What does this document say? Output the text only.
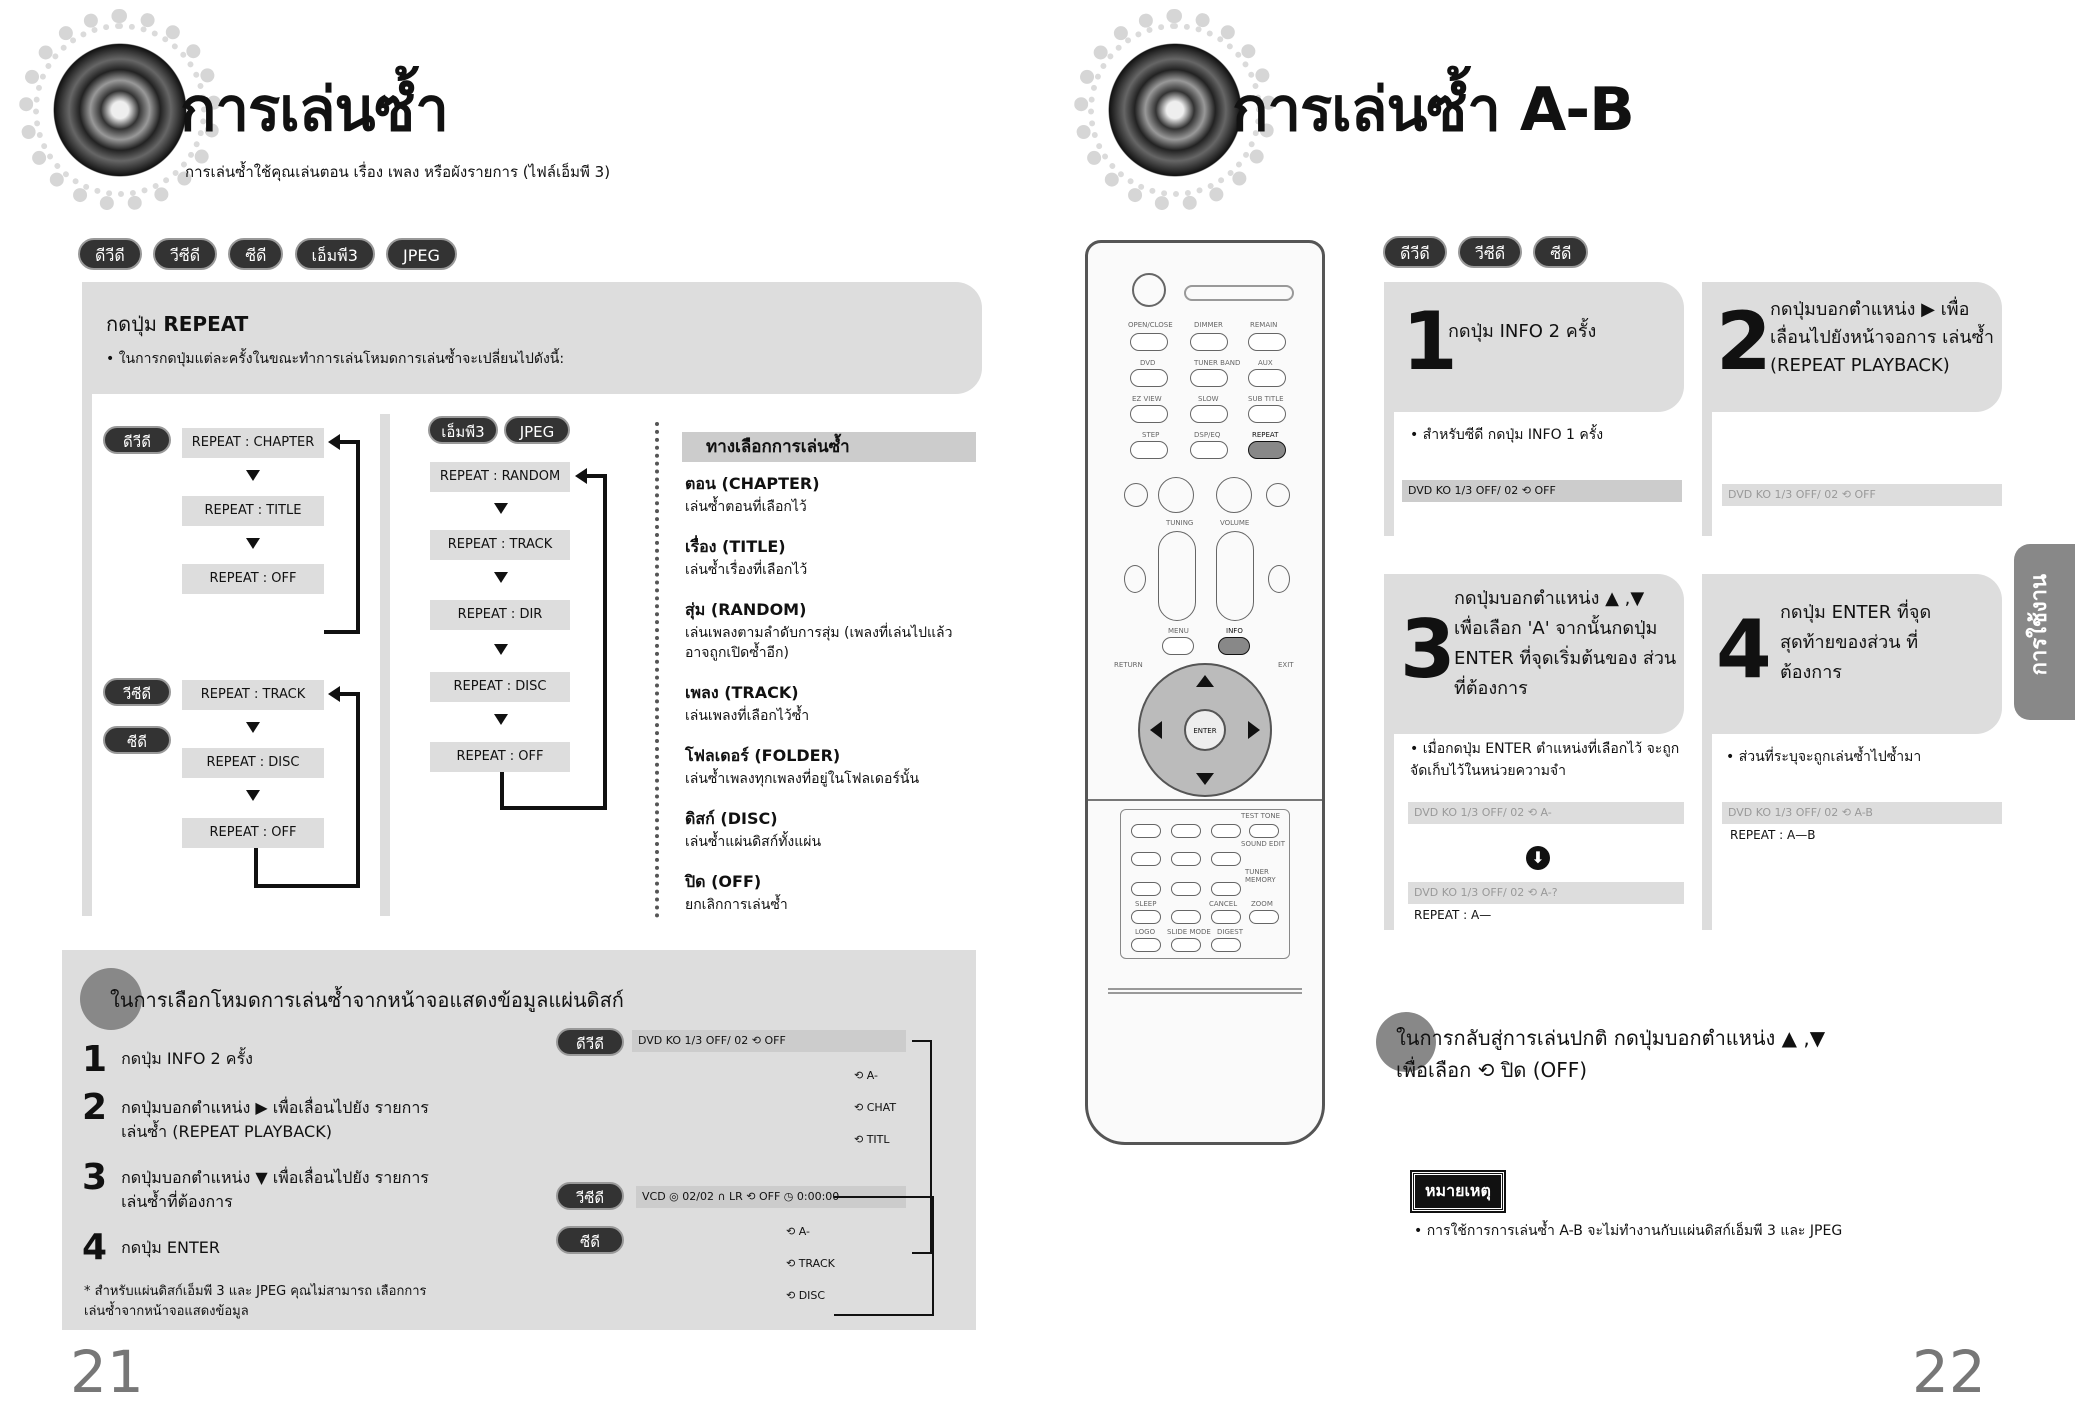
การเล่นซ้ำ
การเล่นซ้ำใช้คุณเล่นตอน เรื่อง เพลง หรือผังรายการ (ไฟล์เอ็มพี 3)
ดีวีดี	วีซีดี	ซีดี	เอ็มพี3	JPEG
กดปุ่ม REPEAT
• ในการกดปุ่มแต่ละครั้งในขณะทำการเล่นโหมดการเล่นซ้ำจะเปลี่ยนไปดังนี้:
ดีวีดี	REPEAT : CHAPTER
REPEAT : TITLE
REPEAT : OFF
วีซีดี
ซีดี
REPEAT : TRACK
REPEAT : DISC
REPEAT : OFF
เอ็มพี3	JPEG
REPEAT : RANDOM
REPEAT : TRACK
REPEAT : DIR
REPEAT : DISC
REPEAT : OFF
ทางเลือกการเล่นซ้ำ
ตอน (CHAPTER)
เล่นซ้ำตอนที่เลือกไว้
เรื่อง (TITLE)
เล่นซ้ำเรื่องที่เลือกไว้
สุ่ม (RANDOM)
เล่นเพลงตามลำดับการสุ่ม (เพลงที่เล่นไปแล้วอาจถูกเปิดซ้ำอีก)
เพลง (TRACK)
เล่นเพลงที่เลือกไว้ซ้ำ
โฟลเดอร์ (FOLDER)
เล่นซ้ำเพลงทุกเพลงที่อยู่ในโฟลเดอร์นั้น
ดิสก์ (DISC)
เล่นซ้ำแผ่นดิสก์ทั้งแผ่น
ปิด (OFF)
ยกเลิกการเล่นซ้ำ
ในการเลือกโหมดการเล่นซ้ำจากหน้าจอแสดงข้อมูลแผ่นดิสก์
1 กดปุ่ม INFO 2 ครั้ง
2 กดปุ่มบอกตำแหน่ง ▶ เพื่อเลื่อนไปยัง รายการเล่นซ้ำ (REPEAT PLAYBACK)
3 กดปุ่มบอกตำแหน่ง ▼ เพื่อเลื่อนไปยัง รายการเล่นซ้ำที่ต้องการ
4 กดปุ่ม ENTER
* สำหรับแผ่นดิสก์เอ็มพี 3 และ JPEG คุณไม่สามารถ เลือกการเล่นซ้ำจากหน้าจอแสดงข้อมูล
ดีวีดี	DVD KO 1/3 OFF/ 02 ⟲ OFF
⟲ A-
⟲ CHAT
⟲ TITL
วีซีดี
ซีดี
VCD ◎ 02/02 ∩ LR ⟲ OFF ◷ 0:00:00
⟲ A-
⟲ TRACK
⟲ DISC
21
OPEN/CLOSE	DIMMER	REMAIN
DVD	TUNER BAND	AUX
EZ VIEW	SLOW	SUB TITLE
STEP	DSP/EQ	REPEAT
TUNING	VOLUME
MENU	INFO
RETURN	EXIT
ENTER
TEST TONE
SOUND EDIT
TUNER MEMORY
SLEEP	CANCEL ZOOM
LOGO SLIDE MODE DIGEST
การเล่นซ้ำ A-B
ดีวีดี	วีซีดี	ซีดี
1
กดปุ่ม INFO 2 ครั้ง
• สำหรับซีดี กดปุ่ม INFO 1 ครั้ง
DVD KO 1/3 OFF/ 02 ⟲ OFF
2
กดปุ่มบอกตำแหน่ง ▶ เพื่อเลื่อนไปยังหน้าจอการ เล่นซ้ำ (REPEAT PLAYBACK)
DVD KO 1/3 OFF/ 02 ⟲ OFF
3
กดปุ่มบอกตำแหน่ง ▲ ,▼ เพื่อเลือก 'A' จากนั้นกดปุ่ม ENTER ที่จุดเริ่มต้นของ ส่วนที่ต้องการ
• เมื่อกดปุ่ม ENTER ตำแหน่งที่เลือกไว้ จะถูกจัดเก็บไว้ในหน่วยความจำ
DVD KO 1/3 OFF/ 02 ⟲ A-
⬇
DVD KO 1/3 OFF/ 02 ⟲ A-?
REPEAT : A—
4 กดปุ่ม ENTER ที่จุดสุดท้ายของส่วน ที่ต้องการ
• ส่วนที่ระบุจะถูกเล่นซ้ำไปซ้ำมา
DVD KO 1/3 OFF/ 02 ⟲ A-B
REPEAT : A—B
การใช้งาน
ในการกลับสู่การเล่นปกติ กดปุ่มบอกตำแหน่ง ▲ ,▼ เพื่อเลือก ⟲ ปิด (OFF)
หมายเหตุ
• การใช้การการเล่นซ้ำ A-B จะไม่ทำงานกับแผ่นดิสก์เอ็มพี 3 และ JPEG
22
